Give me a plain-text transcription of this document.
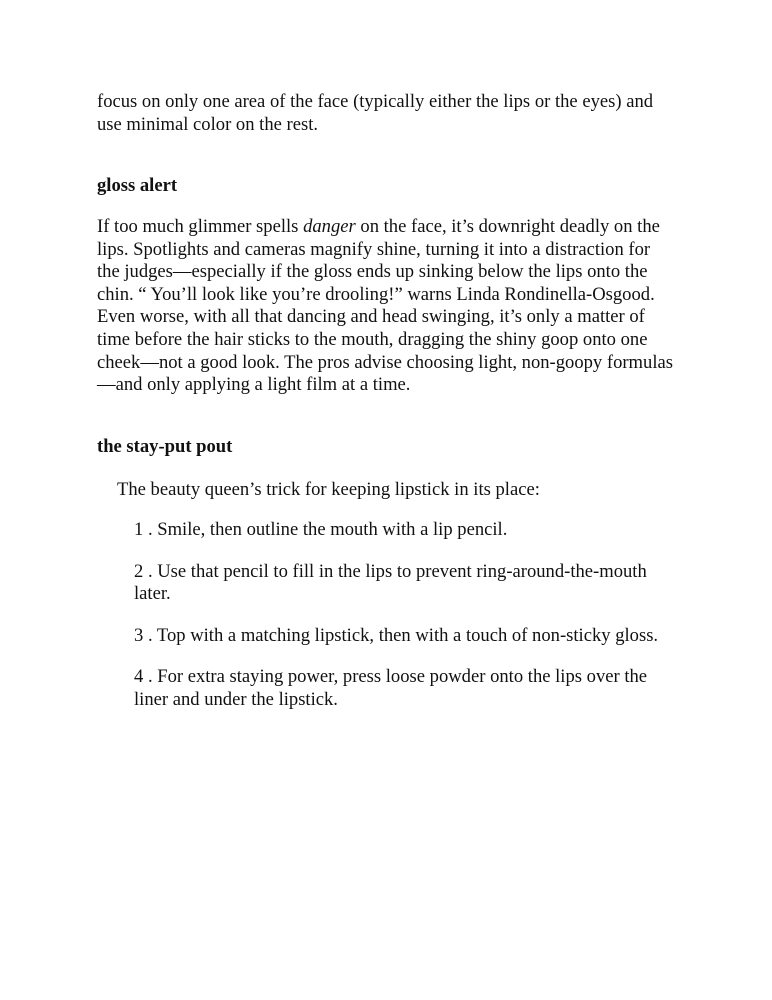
focus on only one area of the face (typically either the lips or the eyes) and use minimal color on the rest.

gloss alert

If too much glimmer spells danger on the face, it’s downright deadly on the lips. Spotlights and cameras magnify shine, turning it into a distraction for the judges—especially if the gloss ends up sinking below the lips onto the chin. “ You’ll look like you’re drooling!” warns Linda Rondinella-Osgood. Even worse, with all that dancing and head swinging, it’s only a matter of time before the hair sticks to the mouth, dragging the shiny goop onto one cheek—not a good look. The pros advise choosing light, non-goopy formulas—and only applying a light film at a time.

the stay-put pout

The beauty queen’s trick for keeping lipstick in its place:

1 . Smile, then outline the mouth with a lip pencil.
2 . Use that pencil to fill in the lips to prevent ring-around-the-mouth later.
3 . Top with a matching lipstick, then with a touch of non-sticky gloss.
4 . For extra staying power, press loose powder onto the lips over the liner and under the lipstick.
